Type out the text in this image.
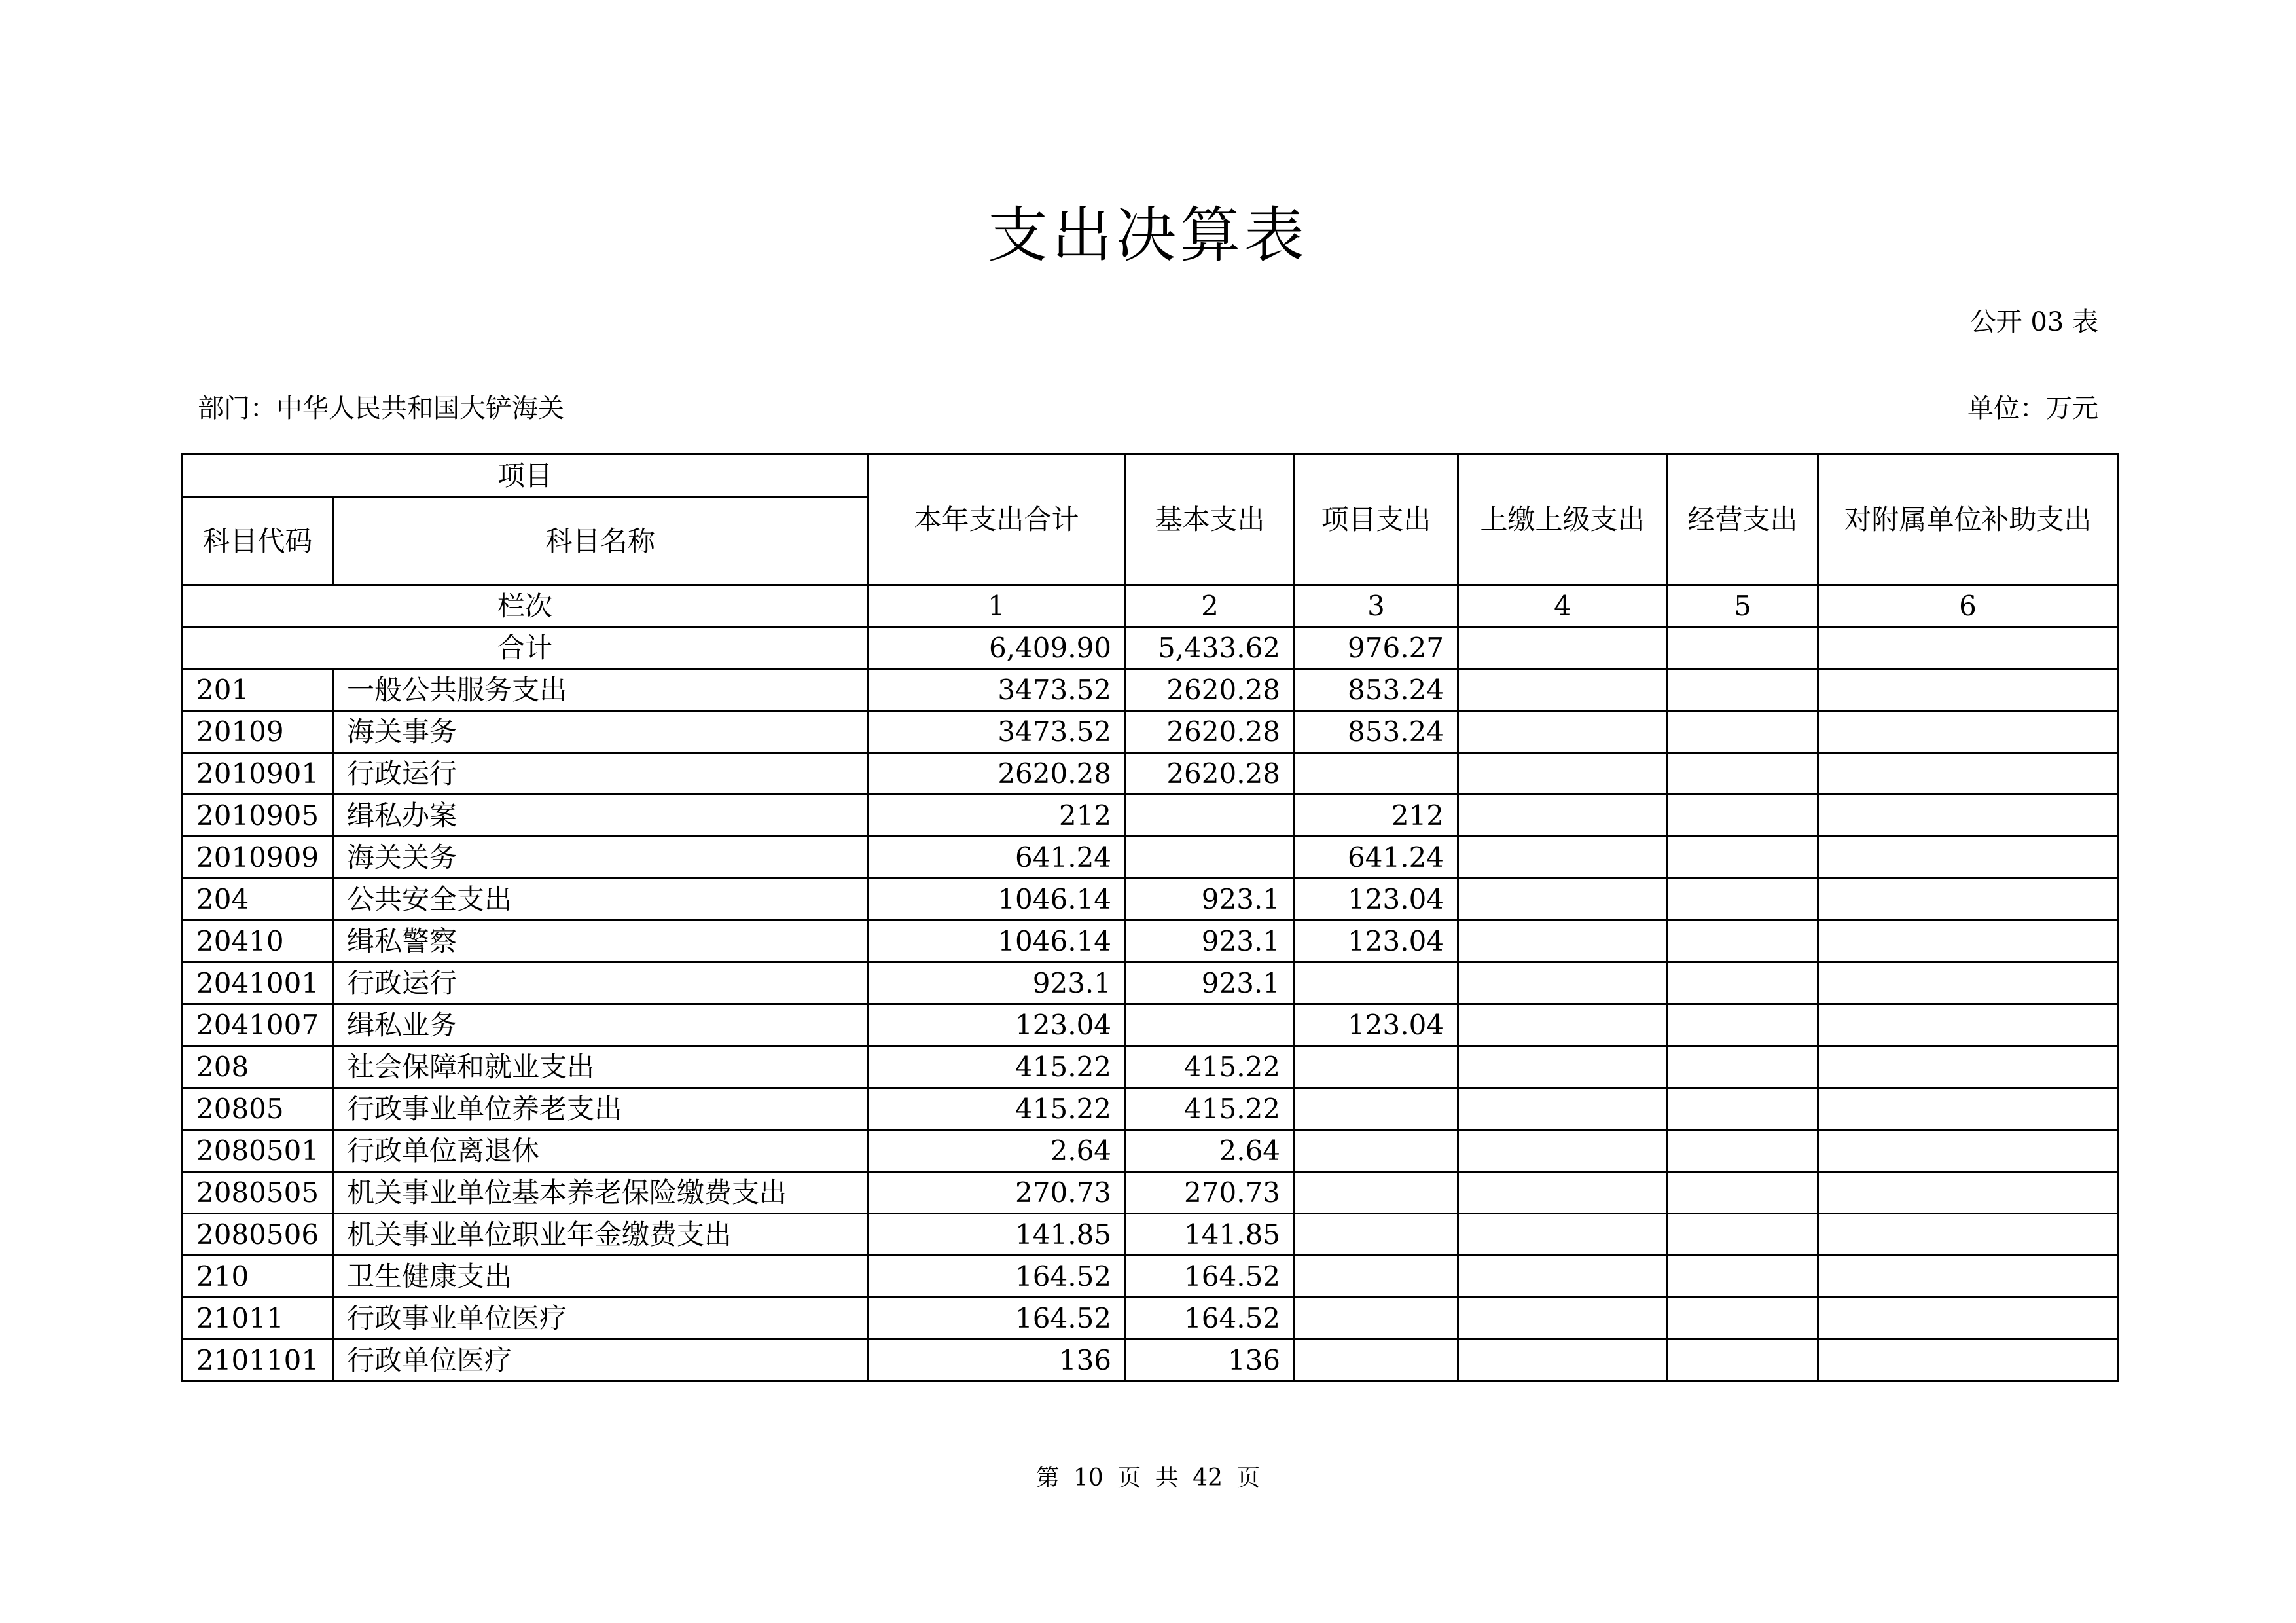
支出决算表
公开 03 表
部门：中华人民共和国大铲海关	单位：万元
项目		本年支出合计	基本支出	项目支出	上缴上级支出	经营支出	对附属单位补助支出
科目代码	科目名称						
栏次		1	2	3	4	5	6
合计		6,409.90	5,433.62	976.27			
201	一般公共服务支出	3473.52	2620.28	853.24			
20109	海关事务	3473.52	2620.28	853.24			
2010901	行政运行	2620.28	2620.28				
2010905	缉私办案	212		212			
2010909	海关关务	641.24		641.24			
204	公共安全支出	1046.14	923.1	123.04			
20410	缉私警察	1046.14	923.1	123.04			
2041001	行政运行	923.1	923.1				
2041007	缉私业务	123.04		123.04			
208	社会保障和就业支出	415.22	415.22				
20805	行政事业单位养老支出	415.22	415.22				
2080501	行政单位离退休	2.64	2.64				
2080505	机关事业单位基本养老保险缴费支出	270.73	270.73				
2080506	机关事业单位职业年金缴费支出	141.85	141.85				
210	卫生健康支出	164.52	164.52				
21011	行政事业单位医疗	164.52	164.52				
2101101	行政单位医疗	136	136				
第 10 页 共 42 页
